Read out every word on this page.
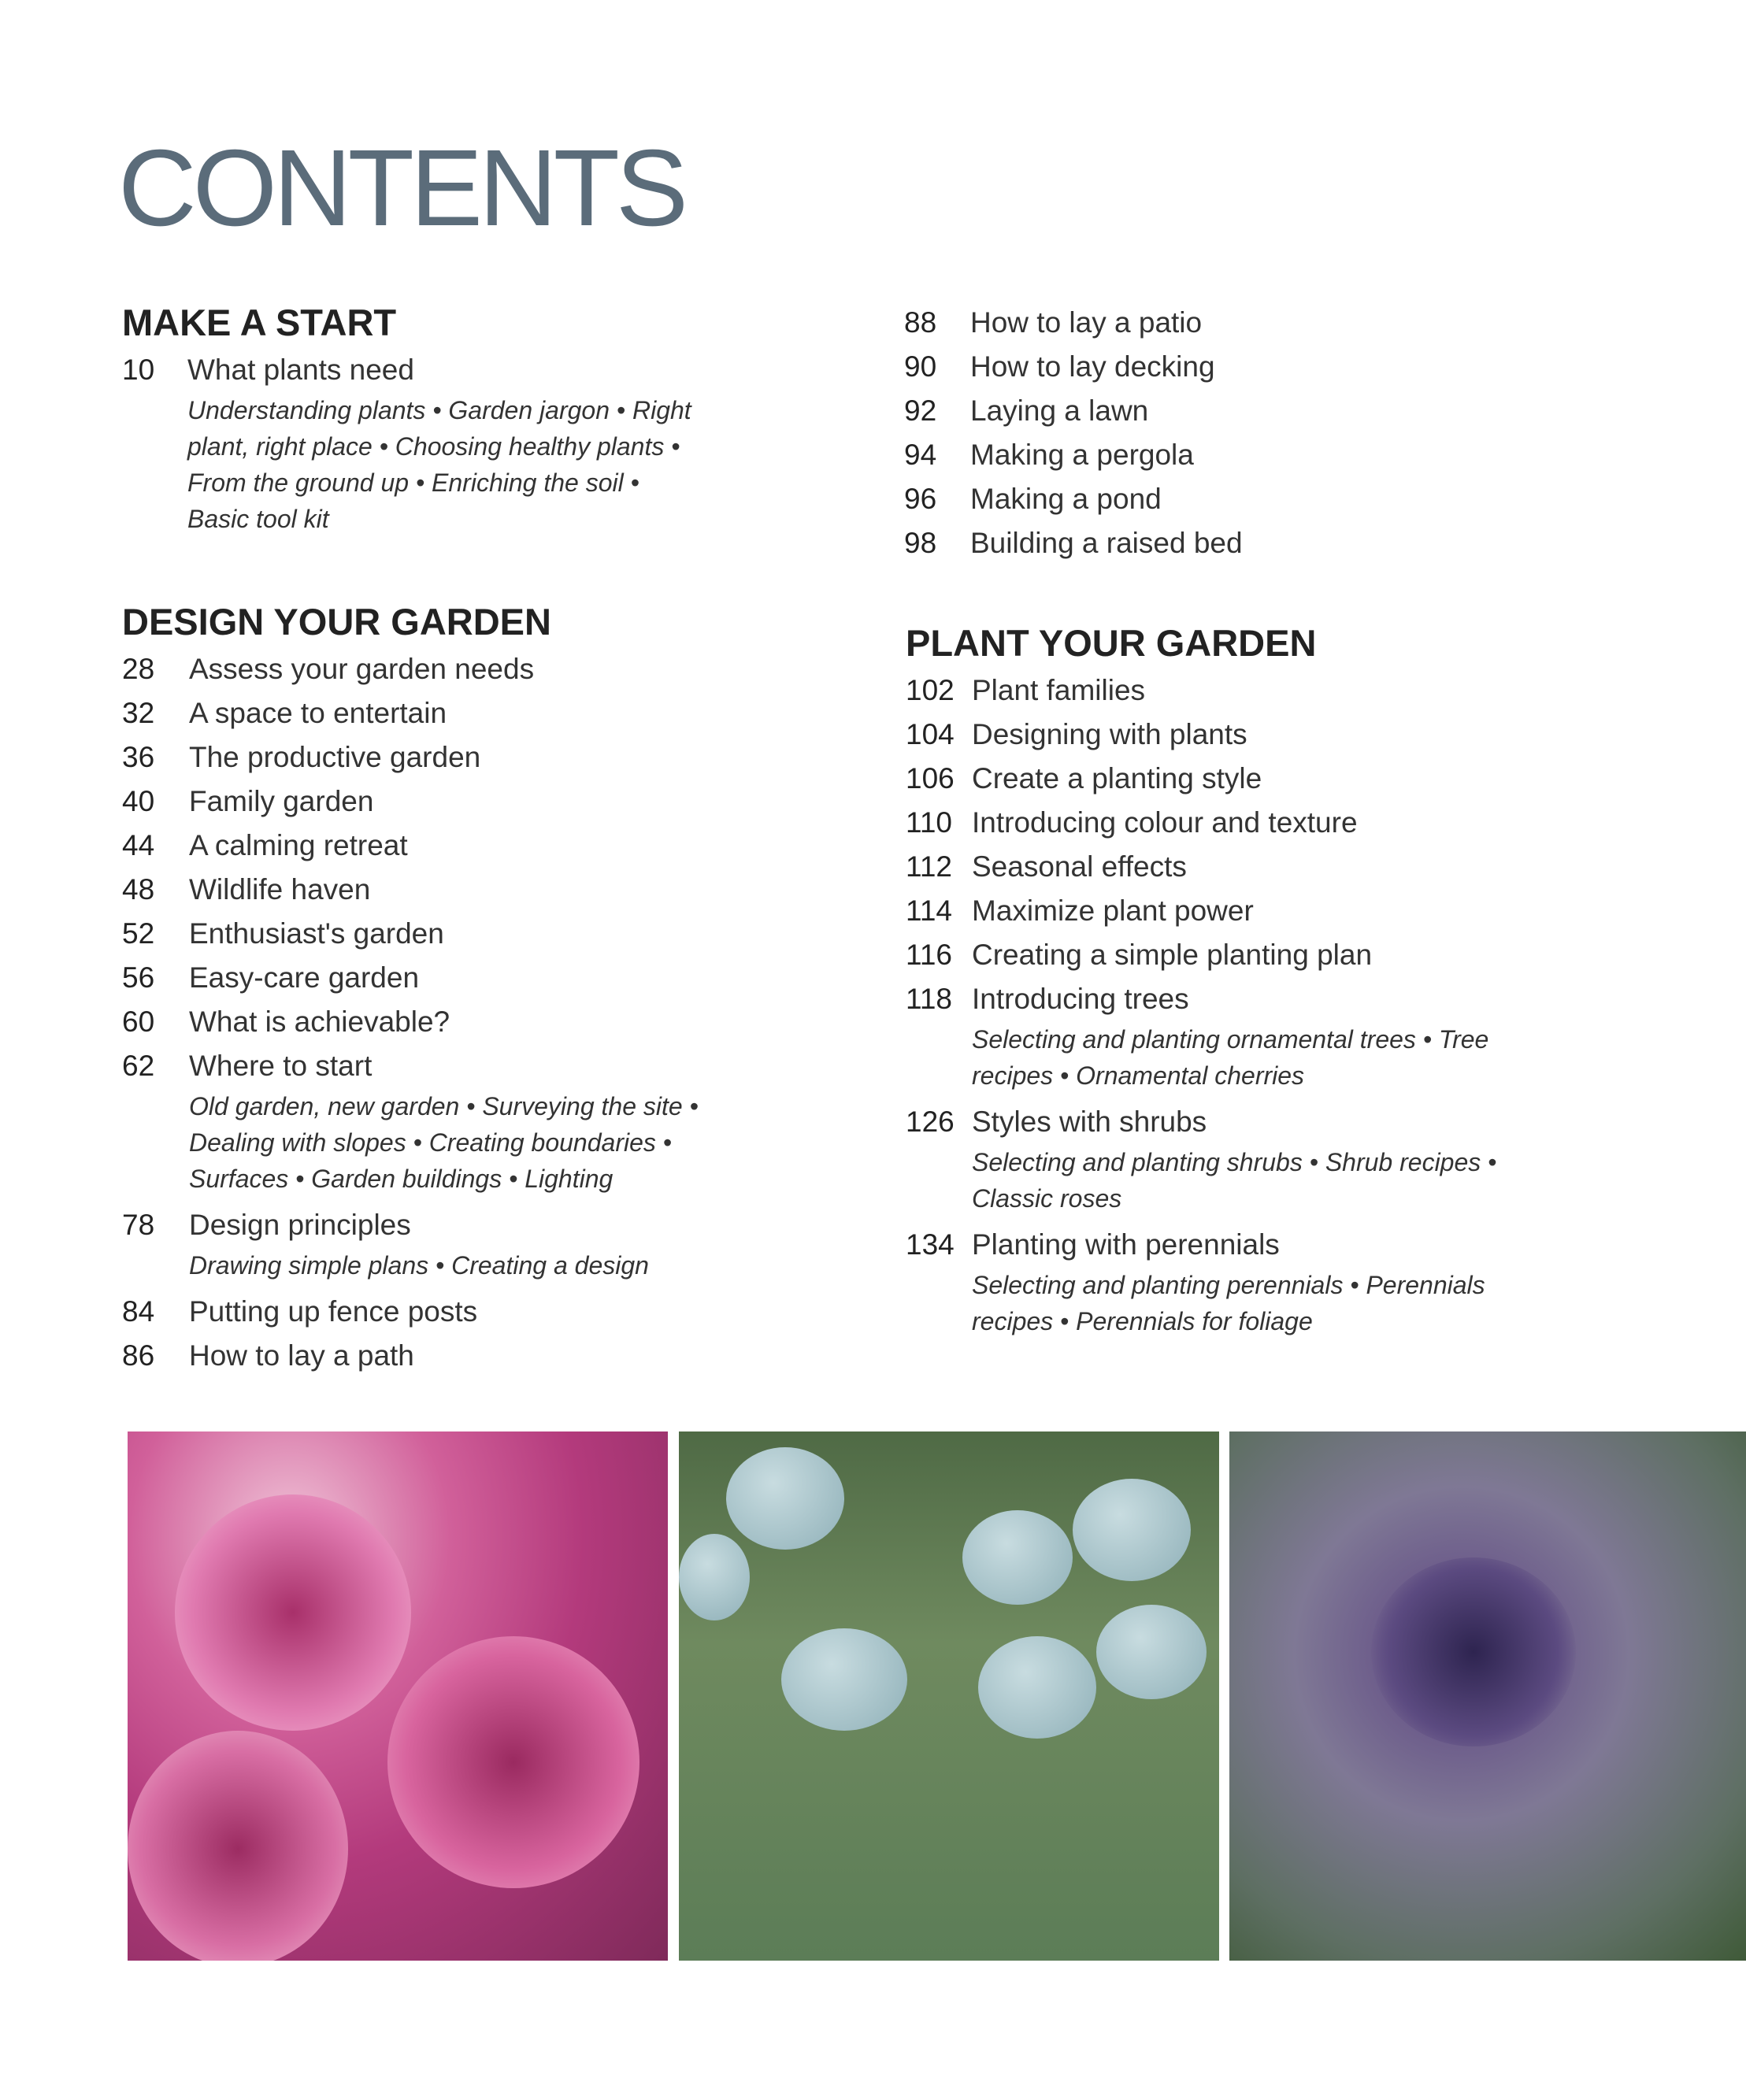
CONTENTS
MAKE A START
10	What plants need
Understanding plants • Garden jargon • Right plant, right place • Choosing healthy plants • From the ground up • Enriching the soil • Basic tool kit
DESIGN YOUR GARDEN
28	Assess your garden needs
32	A space to entertain
36	The productive garden
40	Family garden
44	A calming retreat
48	Wildlife haven
52	Enthusiast's garden
56	Easy-care garden
60	What is achievable?
62	Where to start
Old garden, new garden • Surveying the site • Dealing with slopes • Creating boundaries • Surfaces • Garden buildings • Lighting
78	Design principles
Drawing simple plans • Creating a design
84	Putting up fence posts
86	How to lay a path
88	How to lay a patio
90	How to lay decking
92	Laying a lawn
94	Making a pergola
96	Making a pond
98	Building a raised bed
PLANT YOUR GARDEN
102 Plant families
104 Designing with plants
106 Create a planting style
110 Introducing colour and texture
112 Seasonal effects
114 Maximize plant power
116 Creating a simple planting plan
118 Introducing trees
Selecting and planting ornamental trees • Tree recipes • Ornamental cherries
126 Styles with shrubs
Selecting and planting shrubs • Shrub recipes • Classic roses
134 Planting with perennials
Selecting and planting perennials • Perennials recipes • Perennials for foliage
